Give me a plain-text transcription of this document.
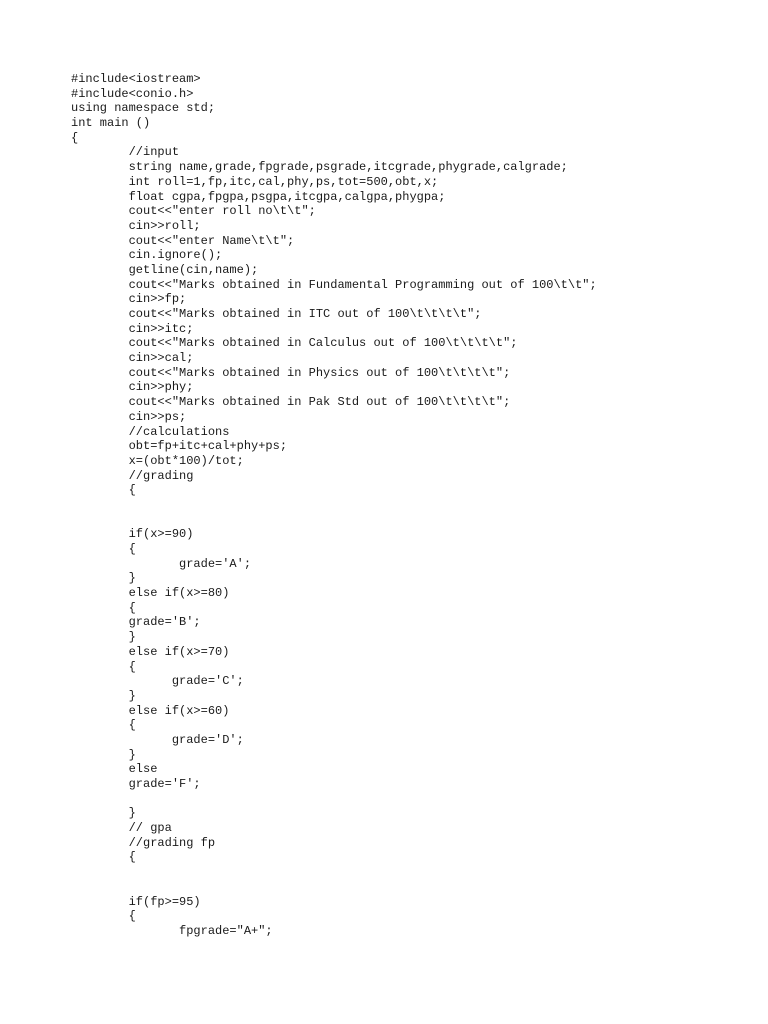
#include<iostream>
#include<conio.h>
using namespace std;
int main ()
{
	//input
	string name,grade,fpgrade,psgrade,itcgrade,phygrade,calgrade;
	int roll=1,fp,itc,cal,phy,ps,tot=500,obt,x;
	float cgpa,fpgpa,psgpa,itcgpa,calgpa,phygpa;
	cout<<"enter roll no\t\t";
	cin>>roll;
	cout<<"enter Name\t\t";
	cin.ignore();
	getline(cin,name);
	cout<<"Marks obtained in Fundamental Programming out of 100\t\t";
	cin>>fp;
	cout<<"Marks obtained in ITC out of 100\t\t\t\t";
	cin>>itc;
	cout<<"Marks obtained in Calculus out of 100\t\t\t\t";
	cin>>cal;
	cout<<"Marks obtained in Physics out of 100\t\t\t\t";
	cin>>phy;
	cout<<"Marks obtained in Pak Std out of 100\t\t\t\t";
	cin>>ps;
	//calculations
	obt=fp+itc+cal+phy+ps;
	x=(obt*100)/tot;
	//grading
	{

	if(x>=90)
	{
	grade='A';
	}
	else if(x>=80)
	{
	grade='B';
	}
	else if(x>=70)
	{
	grade='C';
	}
	else if(x>=60)
	{
	grade='D';
	}
	else
	grade='F';

	}
	// gpa
	//grading fp
	{

	if(fp>=95)
	{
	fpgrade="A+";
